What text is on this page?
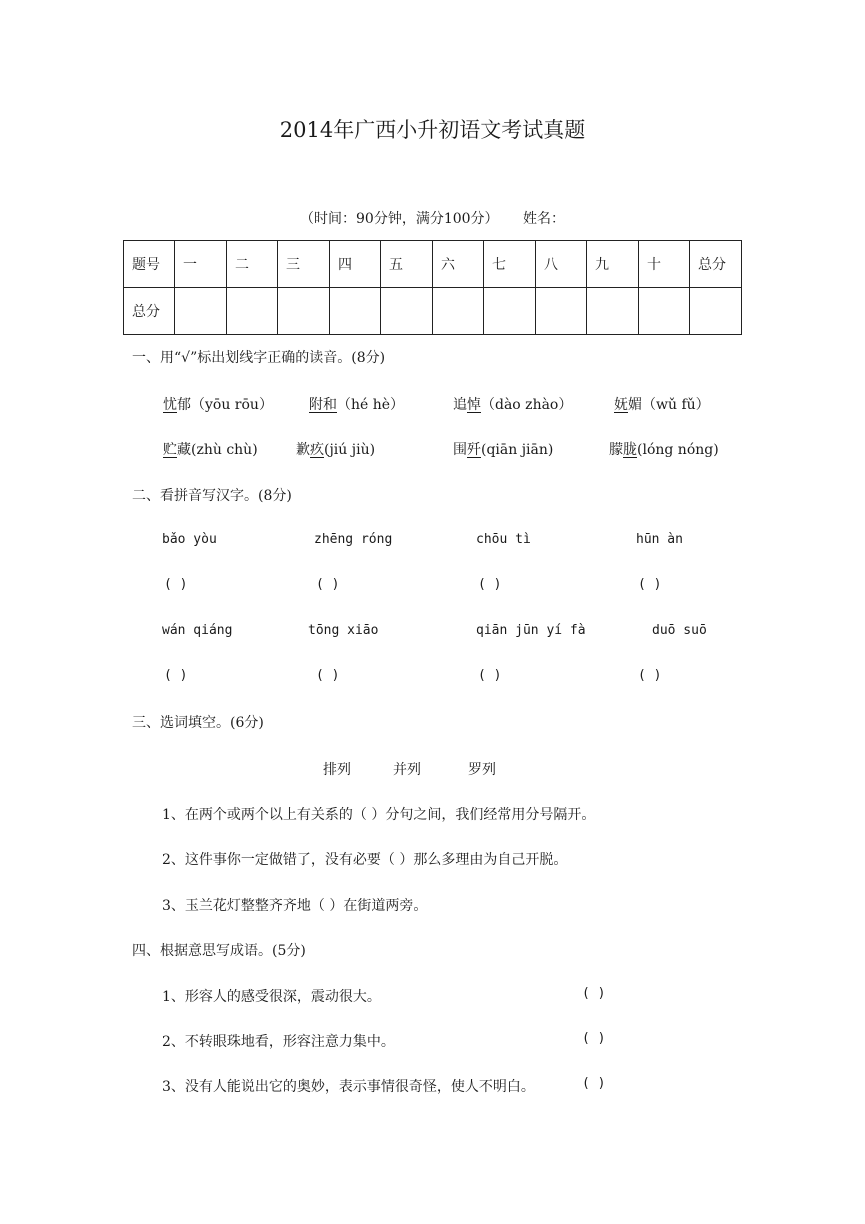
2014年广西小升初语文考试真题
（时间：90分钟，满分100分） 姓名：
题号	一	二	三	四	五	六	七	八	九	十	总分
总分											
一、用“√”标出划线字正确的读音。(8分)
忧郁（yōu rōu）	附和（hé hè）	追悼（dào zhào）	妩媚（wǔ fǔ）
贮藏(zhù chù)	歉疚(jiú jiù)	围歼(qiān jiān)	朦胧(lóng nóng)
二、看拼音写汉字。(8分)
bǎo yòu	zhēng róng	chōu tì	hūn àn
( )	( )	( )	( )
wán qiáng	tōng xiāo	qiān jūn yí fà	duō suō
( )	( )	( )	( )
三、选词填空。(6分)
排列	并列	罗列
1、在两个或两个以上有关系的（ ）分句之间，我们经常用分号隔开。
2、这件事你一定做错了，没有必要（ ）那么多理由为自己开脱。
3、玉兰花灯整整齐齐地（ ）在街道两旁。
四、根据意思写成语。(5分)
1、形容人的感受很深，震动很大。	( )
2、不转眼珠地看，形容注意力集中。	( )
3、没有人能说出它的奥妙，表示事情很奇怪，使人不明白。	( )
